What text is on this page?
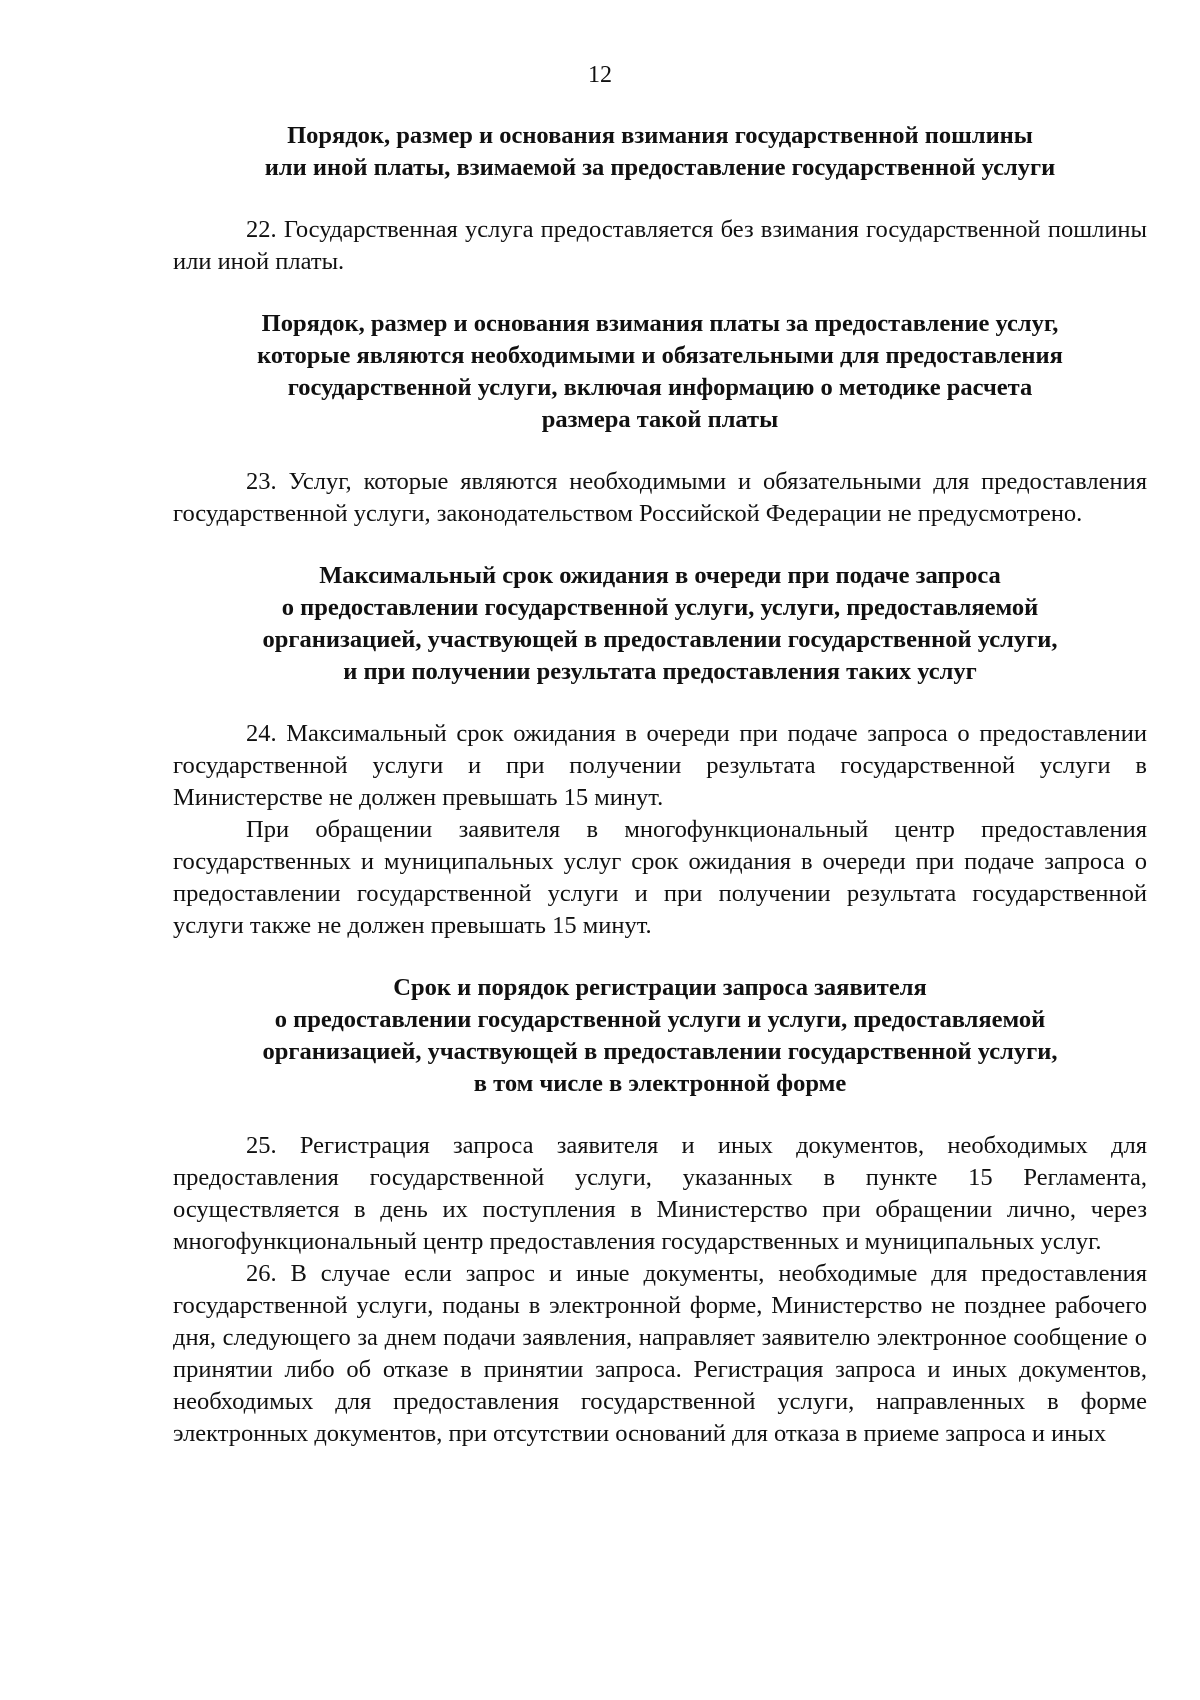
12
Порядок, размер и основания взимания государственной пошлины
или иной платы, взимаемой за предоставление государственной услуги

22. Государственная услуга предоставляется без взимания государственной пошлины или иной платы.

Порядок, размер и основания взимания платы за предоставление услуг,
которые являются необходимыми и обязательными для предоставления
государственной услуги, включая информацию о методике расчета
размера такой платы

23. Услуг, которые являются необходимыми и обязательными для предоставления государственной услуги, законодательством Российской Федерации не предусмотрено.

Максимальный срок ожидания в очереди при подаче запроса
о предоставлении государственной услуги, услуги, предоставляемой
организацией, участвующей в предоставлении государственной услуги,
и при получении результата предоставления таких услуг

24. Максимальный срок ожидания в очереди при подаче запроса о предоставлении государственной услуги и при получении результата государственной услуги в Министерстве не должен превышать 15 минут.

При обращении заявителя в многофункциональный центр предоставления государственных и муниципальных услуг срок ожидания в очереди при подаче запроса о предоставлении государственной услуги и при получении результата государственной услуги также не должен превышать 15 минут.

Срок и порядок регистрации запроса заявителя
о предоставлении государственной услуги и услуги, предоставляемой
организацией, участвующей в предоставлении государственной услуги,
в том числе в электронной форме

25. Регистрация запроса заявителя и иных документов, необходимых для предоставления государственной услуги, указанных в пункте 15 Регламента, осуществляется в день их поступления в Министерство при обращении лично, через многофункциональный центр предоставления государственных и муниципальных услуг.

26. В случае если запрос и иные документы, необходимые для предоставления государственной услуги, поданы в электронной форме, Министерство не позднее рабочего дня, следующего за днем подачи заявления, направляет заявителю электронное сообщение о принятии либо об отказе в принятии запроса. Регистрация запроса и иных документов, необходимых для предоставления государственной услуги, направленных в форме электронных документов, при отсутствии оснований для отказа в приеме запроса и иных
